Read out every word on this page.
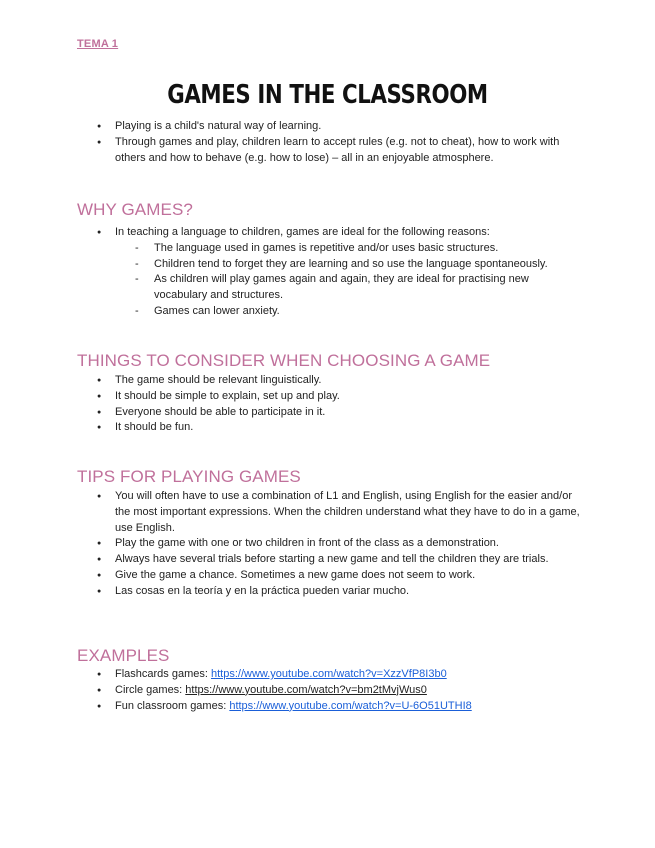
TEMA 1
GAMES IN THE CLASSROOM
● Playing is a child's natural way of learning.
● Through games and play, children learn to accept rules (e.g. not to cheat), how to work with others and how to behave (e.g. how to lose) – all in an enjoyable atmosphere.
WHY GAMES?
● In teaching a language to children, games are ideal for the following reasons:
- The language used in games is repetitive and/or uses basic structures.
- Children tend to forget they are learning and so use the language spontaneously.
- As children will play games again and again, they are ideal for practising new vocabulary and structures.
- Games can lower anxiety.
THINGS TO CONSIDER WHEN CHOOSING A GAME
● The game should be relevant linguistically.
● It should be simple to explain, set up and play.
● Everyone should be able to participate in it.
● It should be fun.
TIPS FOR PLAYING GAMES
● You will often have to use a combination of L1 and English, using English for the easier and/or the most important expressions. When the children understand what they have to do in a game, use English.
● Play the game with one or two children in front of the class as a demonstration.
● Always have several trials before starting a new game and tell the children they are trials.
● Give the game a chance. Sometimes a new game does not seem to work.
● Las cosas en la teoría y en la práctica pueden variar mucho.
EXAMPLES
● Flashcards games: https://www.youtube.com/watch?v=XzzVfP8I3b0
● Circle games: https://www.youtube.com/watch?v=bm2tMvjWus0
● Fun classroom games: https://www.youtube.com/watch?v=U-6O51UTHI8
